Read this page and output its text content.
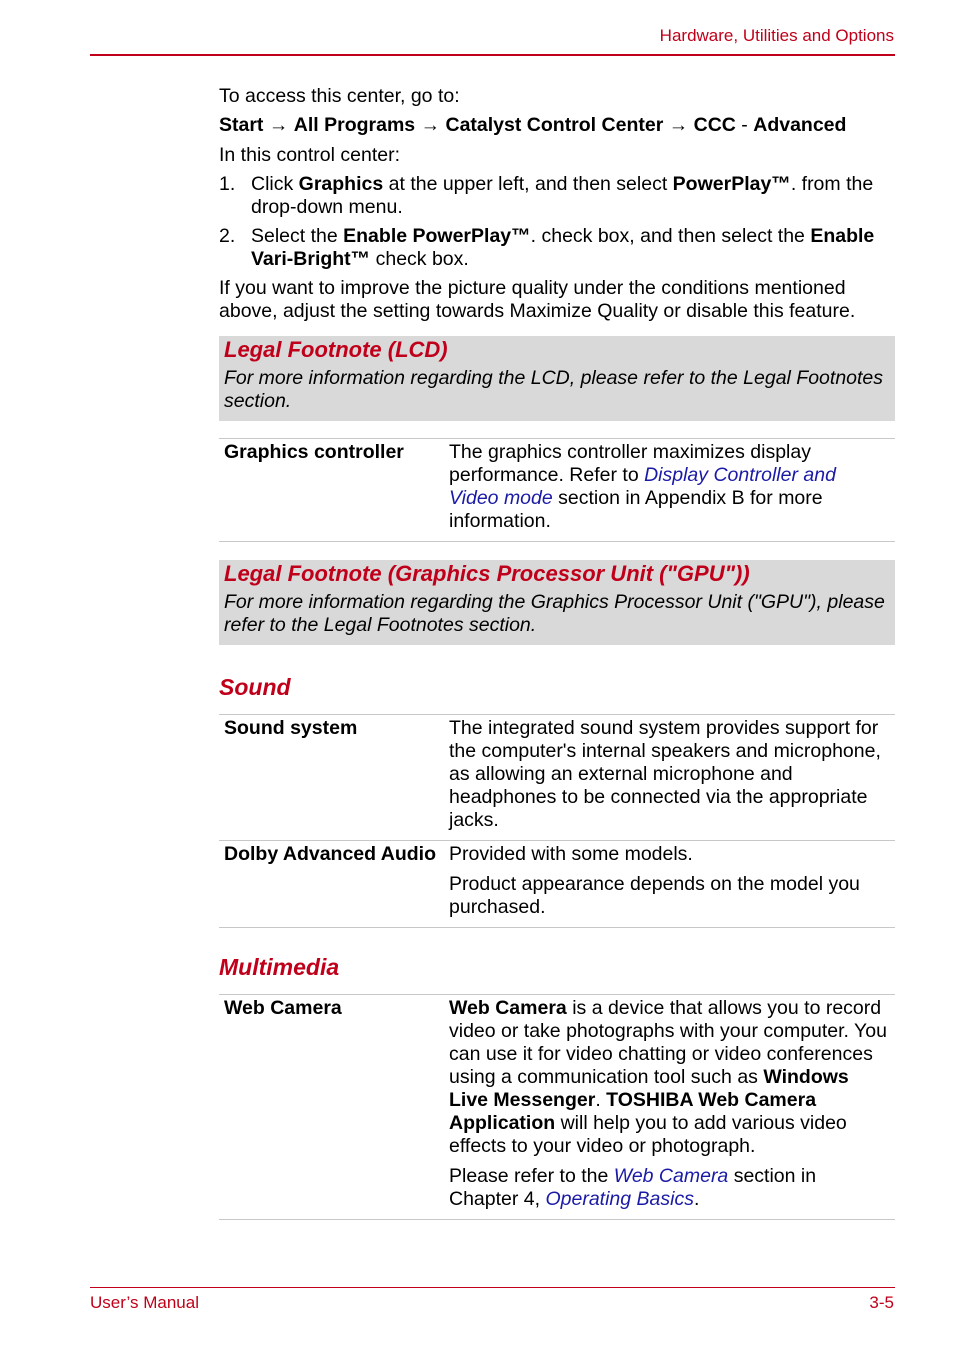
Hardware, Utilities and Options

To access this center, go to:

Start → All Programs → Catalyst Control Center → CCC - Advanced

In this control center:

1. Click Graphics at the upper left, and then select PowerPlay™. from the drop-down menu.
2. Select the Enable PowerPlay™. check box, and then select the Enable Vari-Bright™ check box.

If you want to improve the picture quality under the conditions mentioned above, adjust the setting towards Maximize Quality or disable this feature.

Legal Footnote (LCD)
For more information regarding the LCD, please refer to the Legal Footnotes section.
Graphics controller	The graphics controller maximizes display performance. Refer to Display Controller and Video mode section in Appendix B for more information.
Legal Footnote (Graphics Processor Unit ("GPU"))
For more information regarding the Graphics Processor Unit ("GPU"), please refer to the Legal Footnotes section.
Sound
Sound system	The integrated sound system provides support for the computer's internal speakers and microphone, as allowing an external microphone and headphones to be connected via the appropriate jacks.
Dolby Advanced Audio	Provided with some models.

Product appearance depends on the model you purchased.

Multimedia
Web Camera	Web Camera is a device that allows you to record video or take photographs with your computer. You can use it for video chatting or video conferences using a communication tool such as Windows Live Messenger. TOSHIBA Web Camera Application will help you to add various video effects to your video or photograph.

Please refer to the Web Camera section in Chapter 4, Operating Basics.

User’s Manual	3-5
